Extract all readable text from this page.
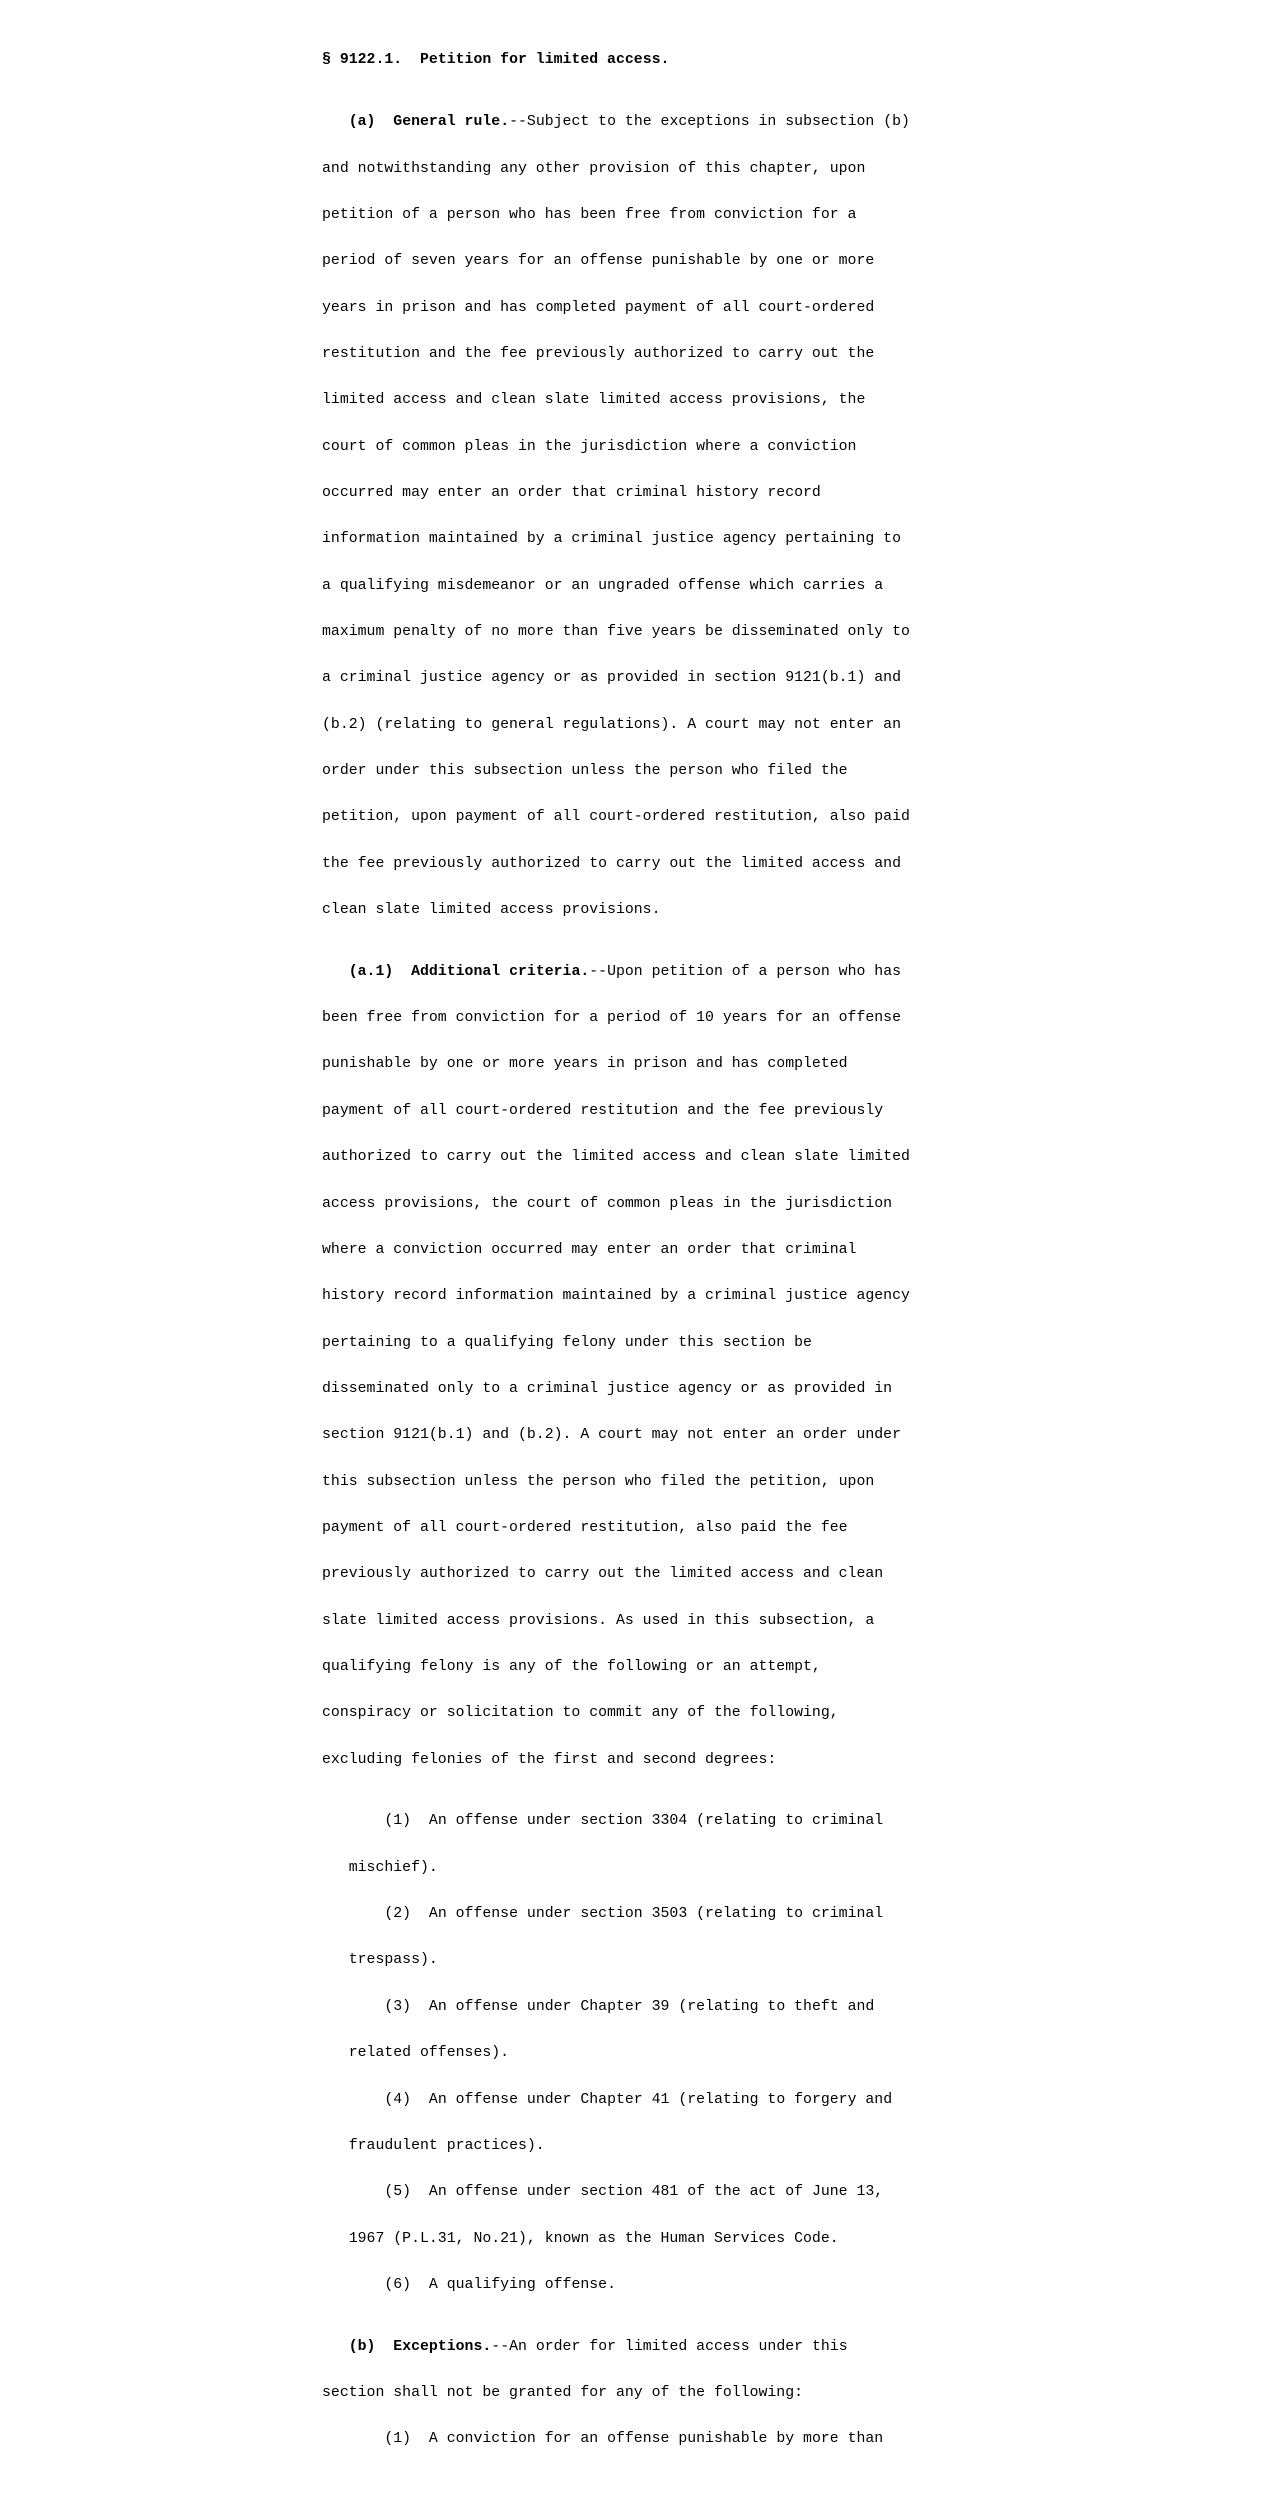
§ 9122.1. Petition for limited access.

(a) General rule.--Subject to the exceptions in subsection (b)

and notwithstanding any other provision of this chapter, upon

petition of a person who has been free from conviction for a

period of seven years for an offense punishable by one or more

years in prison and has completed payment of all court-ordered

restitution and the fee previously authorized to carry out the

limited access and clean slate limited access provisions, the

court of common pleas in the jurisdiction where a conviction

occurred may enter an order that criminal history record

information maintained by a criminal justice agency pertaining to

a qualifying misdemeanor or an ungraded offense which carries a

maximum penalty of no more than five years be disseminated only to

a criminal justice agency or as provided in section 9121(b.1) and

(b.2) (relating to general regulations). A court may not enter an

order under this subsection unless the person who filed the

petition, upon payment of all court-ordered restitution, also paid

the fee previously authorized to carry out the limited access and

clean slate limited access provisions.

(a.1) Additional criteria.--Upon petition of a person who has

been free from conviction for a period of 10 years for an offense

punishable by one or more years in prison and has completed

payment of all court-ordered restitution and the fee previously

authorized to carry out the limited access and clean slate limited

access provisions, the court of common pleas in the jurisdiction

where a conviction occurred may enter an order that criminal

history record information maintained by a criminal justice agency

pertaining to a qualifying felony under this section be

disseminated only to a criminal justice agency or as provided in

section 9121(b.1) and (b.2). A court may not enter an order under

this subsection unless the person who filed the petition, upon

payment of all court-ordered restitution, also paid the fee

previously authorized to carry out the limited access and clean

slate limited access provisions. As used in this subsection, a

qualifying felony is any of the following or an attempt,

conspiracy or solicitation to commit any of the following,

excluding felonies of the first and second degrees:

(1) An offense under section 3304 (relating to criminal

mischief).

(2) An offense under section 3503 (relating to criminal

trespass).

(3) An offense under Chapter 39 (relating to theft and

related offenses).

(4) An offense under Chapter 41 (relating to forgery and

fraudulent practices).

(5) An offense under section 481 of the act of June 13,

1967 (P.L.31, No.21), known as the Human Services Code.

(6) A qualifying offense.

(b) Exceptions.--An order for limited access under this

section shall not be granted for any of the following:

(1) A conviction for an offense punishable by more than
